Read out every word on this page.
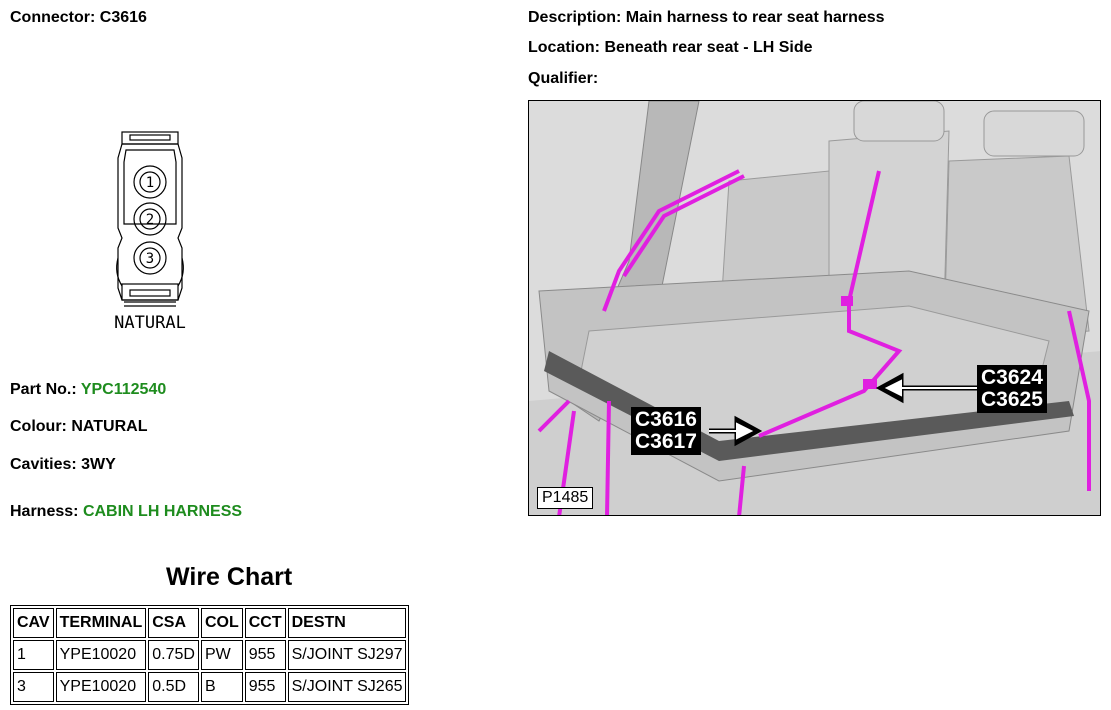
Connector: C3616	Description: Main harness to rear seat harness
Location: Beneath rear seat - LH Side
Qualifier:
1
2
3
NATURAL
Part No.: YPC112540
Colour: NATURAL
Cavities: 3WY
Harness: CABIN LH HARNESS
Wire Chart
CAV	TERMINAL	CSA	COL	CCT	DESTN
1	YPE10020	0.75D	PW	955	S/JOINT SJ297
3	YPE10020	0.5D	B	955	S/JOINT SJ265
C3624
C3625
C3616
C3617
P1485
